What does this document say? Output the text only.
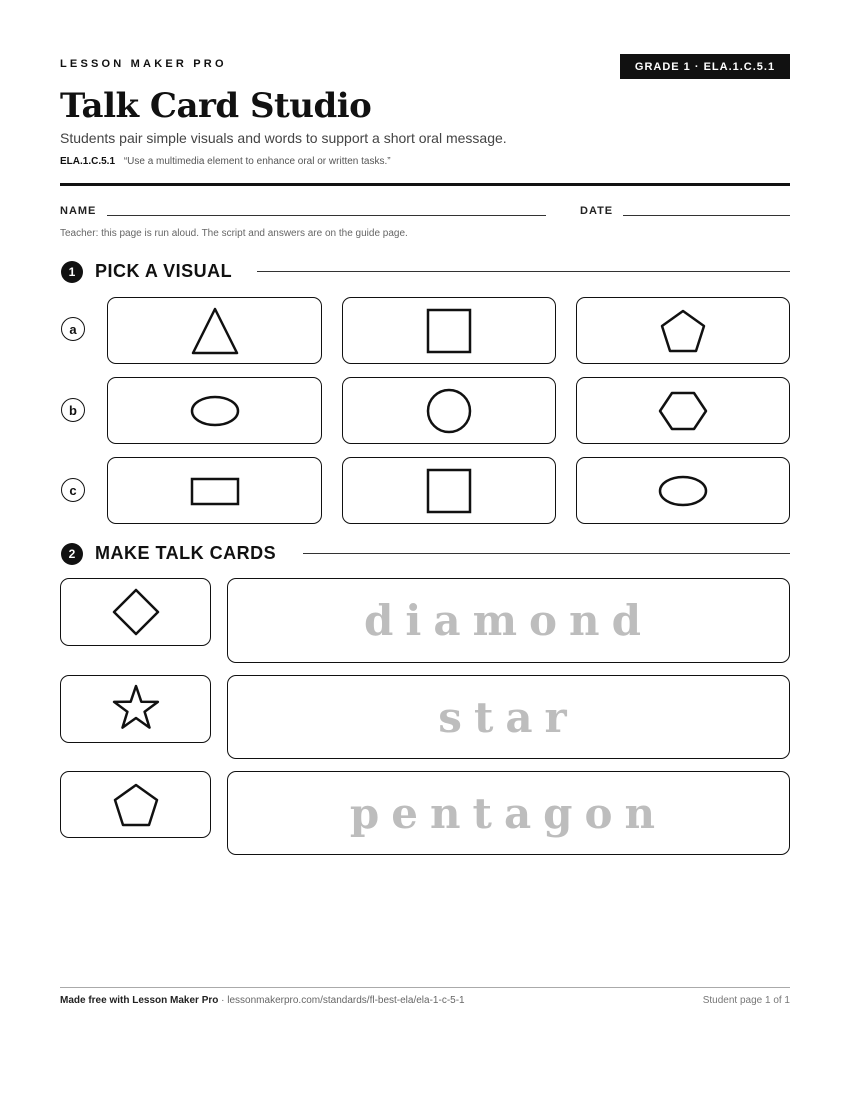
LESSON MAKER PRO	GRADE 1 · ELA.1.C.5.1
Talk Card Studio
Students pair simple visuals and words to support a short oral message.
ELA.1.C.5.1 “Use a multimedia element to enhance oral or written tasks.”
NAME	DATE
Teacher: this page is run aloud. The script and answers are on the guide page.
1	PICK A VISUAL
a
b
c
2	MAKE TALK CARDS
diamond
star
pentagon
Made free with Lesson Maker Pro · lessonmakerpro.com/standards/fl-best-ela/ela-1-c-5-1	Student page 1 of 1
